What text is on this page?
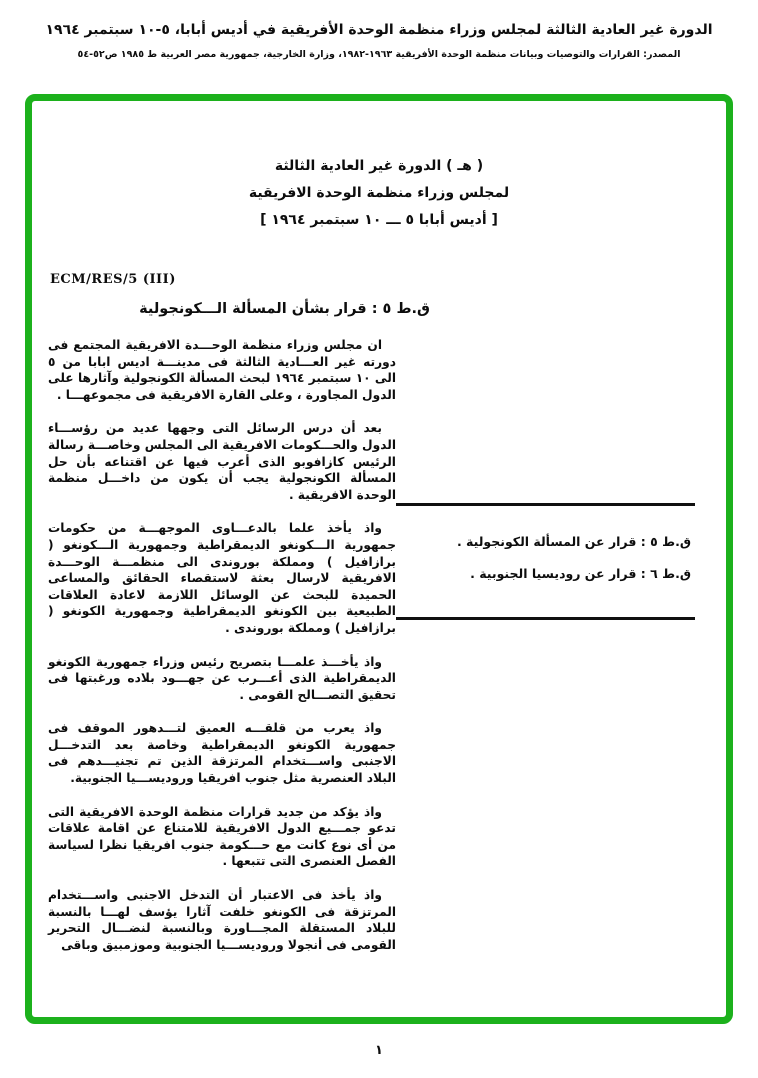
الدورة غير العادية الثالثة لمجلس وزراء منظمة الوحدة الأفريقية في أديس أبابا، ٥-١٠ سبتمبر ١٩٦٤
المصدر: القرارات والتوصيات وبيانات منظمة الوحدة الأفريقية ١٩٦٣-١٩٨٢، وزارة الخارجية، جمهورية مصر العربية ط ١٩٨٥ ص٥٢-٥٤
( هـ ) الدورة غير العادية الثالثة
لمجلس وزراء منظمة الوحدة الافريقية
[ أديس أبابا ٥ ـــ ١٠ سبتمبر ١٩٦٤ ]
ECM/RES/5 (III)
ق.ط ٥ : قرار بشأن المسألة الـــكونجولية

ان مجلس وزراء منظمة الوحـــدة الافريقية المجتمع فى دورته غير العـــادية الثالثة فى مدينـــة اديس ابابا من ٥ الى ١٠ سبتمبر ١٩٦٤ لبحث المسألة الكونجولية وآثارها على الدول المجاورة ، وعلى القارة الافريقية فى مجموعهـــا .

بعد أن درس الرسائل التى وجهها عديد من رؤســـاء الدول والحـــكومات الافريقية الى المجلس وخاصـــة رسالة الرئيس كازافوبو الذى أعرب فيها عن اقتناعه بأن حل المسألة الكونجولية يجب أن يكون من داخـــل منظمة الوحدة الافريقية .

واذ يأخذ علما بالدعـــاوى الموجهـــة من حكومات جمهورية الـــكونغو الديمقراطية وجمهورية الـــكونغو ( برازافيل ) ومملكة بوروندى الى منظمـــة الوحـــدة الافريقية لارسال بعثة لاستقصاء الحقائق والمساعى الحميدة للبحث عن الوسائل اللازمة لاعادة العلاقات الطبيعية بين الكونغو الديمقراطية وجمهورية الكونغو ( برازافيل ) ومملكة بوروندى .

واذ يأخـــذ علمـــا بتصريح رئيس وزراء جمهورية الكونغو الديمقراطية الذى أعـــرب عن جهـــود بلاده ورغبتها فى تحقيق التصـــالح القومى .

واذ يعرب من قلقـــه العميق لتـــدهور الموقف فى جمهورية الكونغو الديمقراطية وخاصة بعد التدخـــل الاجنبى واســـتخدام المرتزقة الذين تم تجنيـــدهم فى البلاد العنصرية مثل جنوب افريقيا وروديســـيا الجنوبية.

واذ يؤكد من جديد قرارات منظمة الوحدة الافريقية التى تدعو جمـــيع الدول الافريقية للامتناع عن اقامة علاقات من أى نوع كانت مع حـــكومة جنوب افريقيا نظرا لسياسة الفصل العنصرى التى تتبعها .

واذ يأخذ فى الاعتبار أن التدخل الاجنبى واســـتخدام المرتزقة فى الكونغو خلفت آثارا يؤسف لهـــا بالنسبة للبلاد المستقلة المجـــاورة وبالنسبة لنضـــال التحرير القومى فى أنجولا وروديســـيا الجنوبية وموزمبيق وباقى

ق.ط ٥ : قرار عن المسألة الكونجولية .
ق.ط ٦ : قرار عن روديسيا الجنوبية .
١
